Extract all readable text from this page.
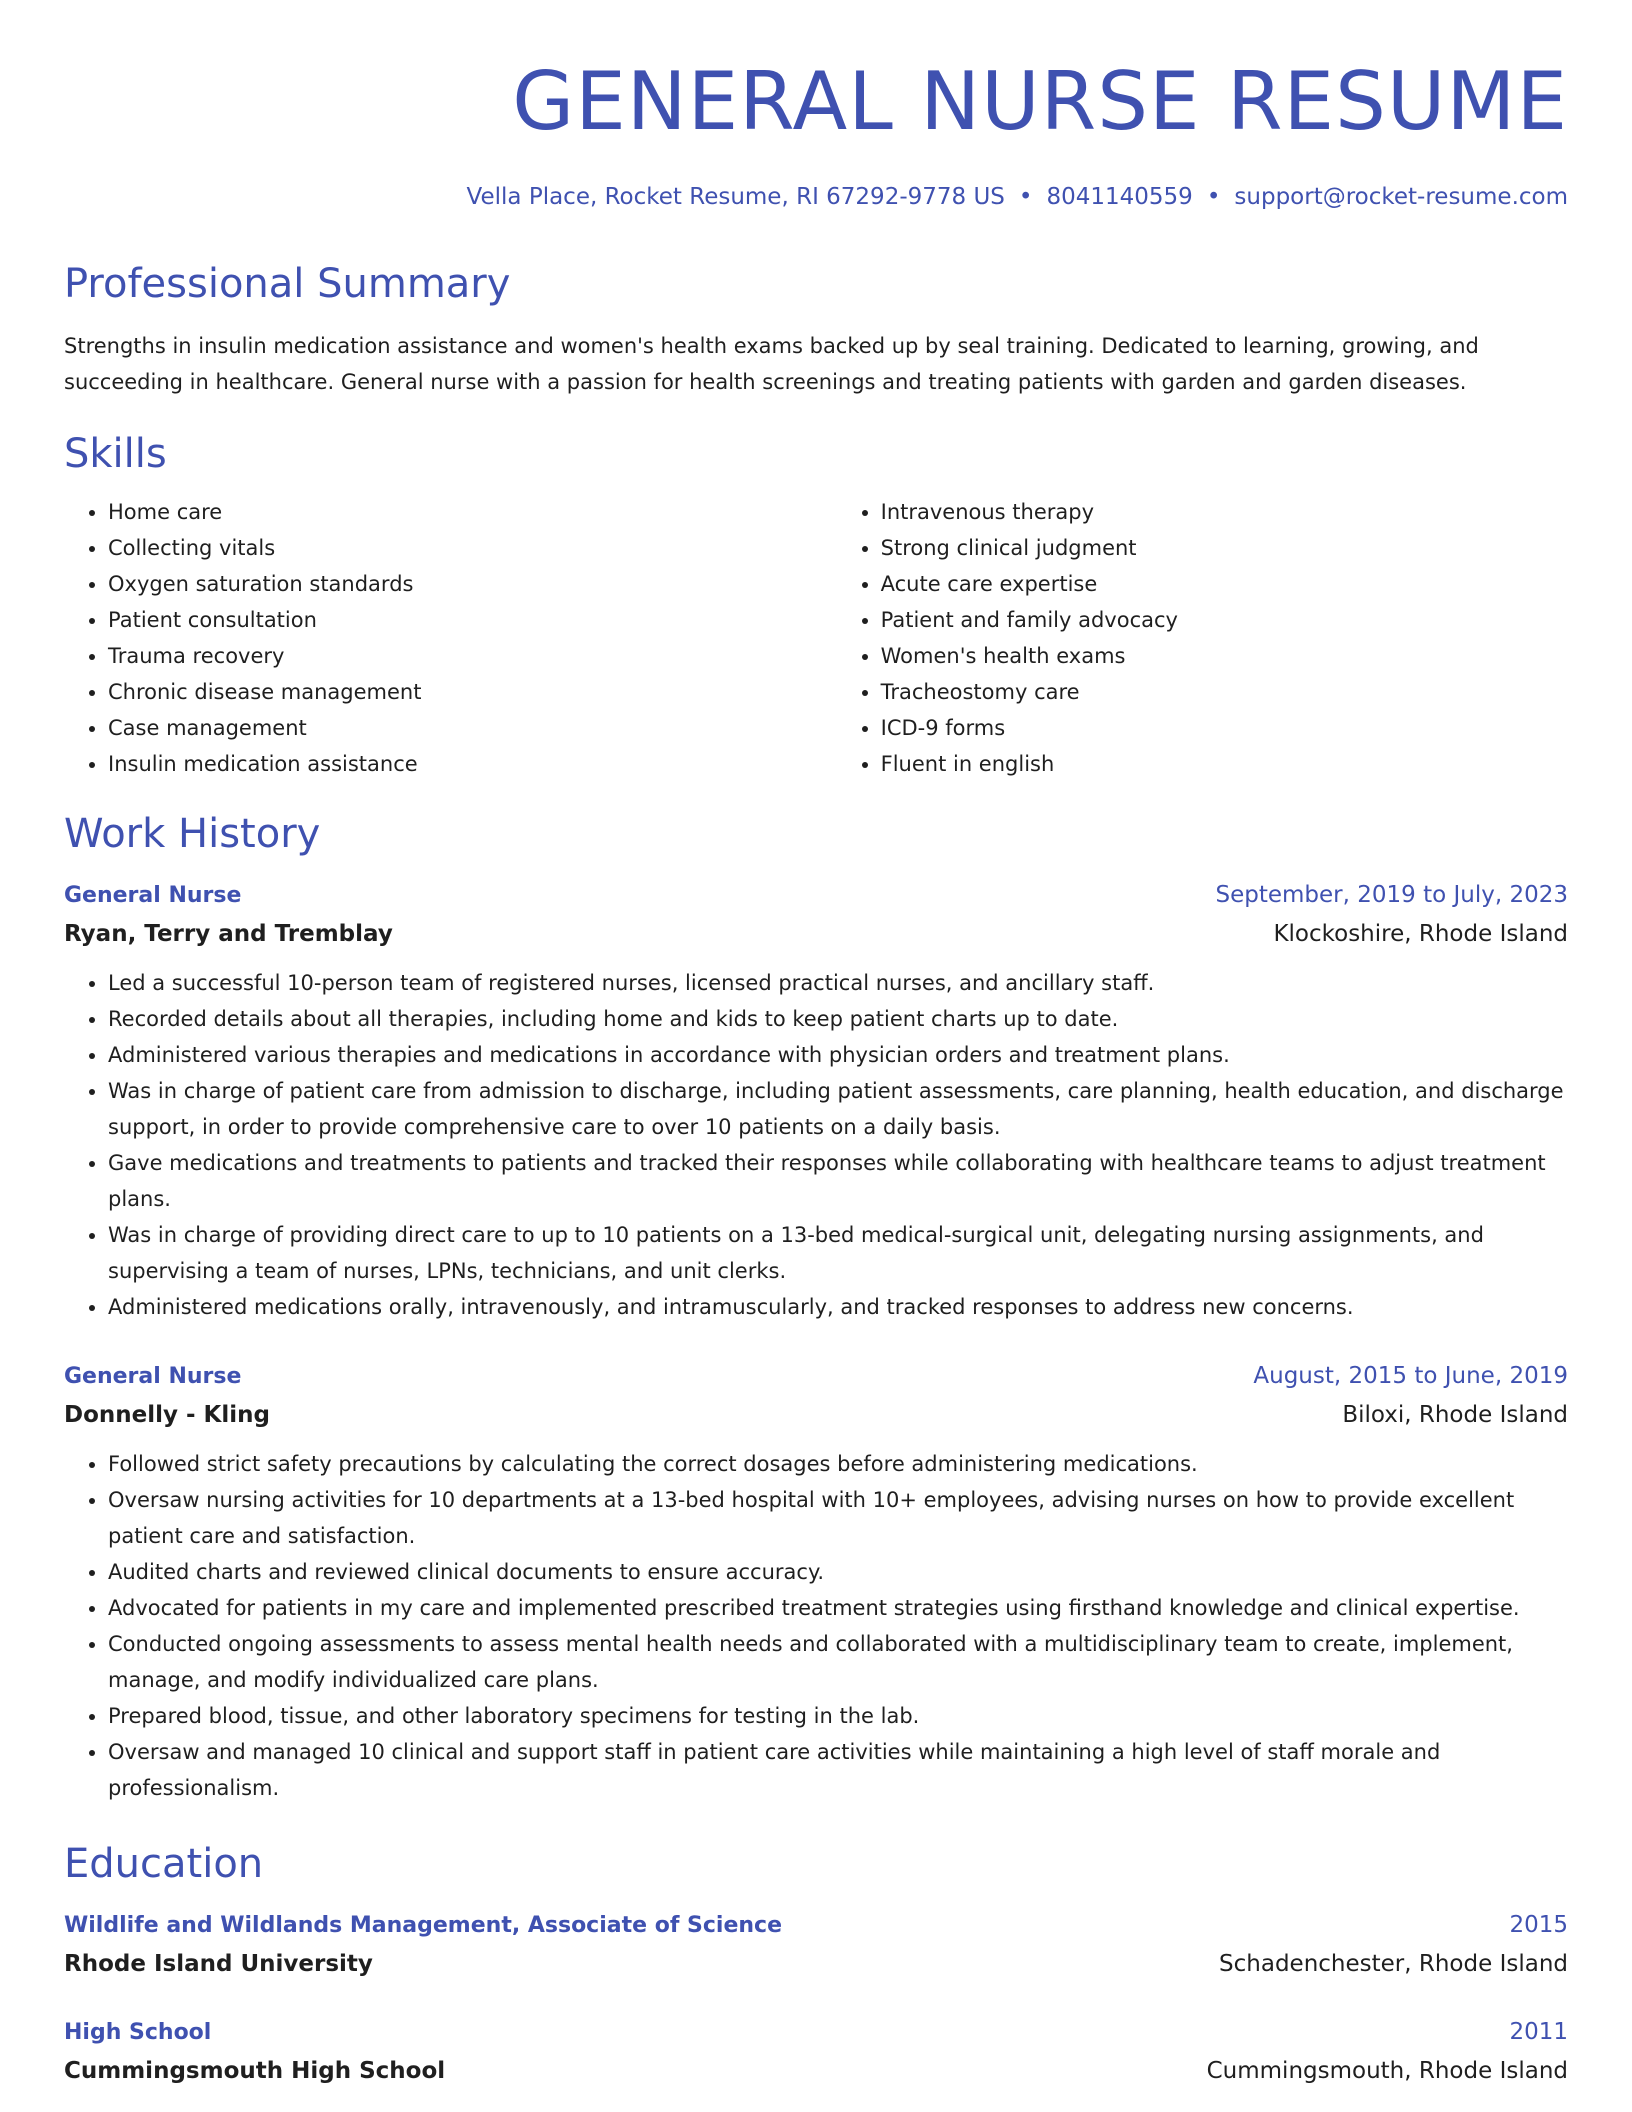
GENERAL NURSE RESUME
Vella Place, Rocket Resume, RI 67292-9778 US • 8041140559 • support@rocket-resume.com
Professional Summary
Strengths in insulin medication assistance and women's health exams backed up by seal training. Dedicated to learning, growing, and succeeding in healthcare. General nurse with a passion for health screenings and treating patients with garden and garden diseases.
Skills
• Home care
• Collecting vitals
• Oxygen saturation standards
• Patient consultation
• Trauma recovery
• Chronic disease management
• Case management
• Insulin medication assistance
• Intravenous therapy
• Strong clinical judgment
• Acute care expertise
• Patient and family advocacy
• Women's health exams
• Tracheostomy care
• ICD-9 forms
• Fluent in english
Work History
General Nurse	September, 2019 to July, 2023
Ryan, Terry and Tremblay	Klockoshire, Rhode Island
• Led a successful 10-person team of registered nurses, licensed practical nurses, and ancillary staff.
• Recorded details about all therapies, including home and kids to keep patient charts up to date.
• Administered various therapies and medications in accordance with physician orders and treatment plans.
• Was in charge of patient care from admission to discharge, including patient assessments, care planning, health education, and discharge support, in order to provide comprehensive care to over 10 patients on a daily basis.
• Gave medications and treatments to patients and tracked their responses while collaborating with healthcare teams to adjust treatment plans.
• Was in charge of providing direct care to up to 10 patients on a 13-bed medical-surgical unit, delegating nursing assignments, and supervising a team of nurses, LPNs, technicians, and unit clerks.
• Administered medications orally, intravenously, and intramuscularly, and tracked responses to address new concerns.
General Nurse	August, 2015 to June, 2019
Donnelly - Kling	Biloxi, Rhode Island
• Followed strict safety precautions by calculating the correct dosages before administering medications.
• Oversaw nursing activities for 10 departments at a 13-bed hospital with 10+ employees, advising nurses on how to provide excellent patient care and satisfaction.
• Audited charts and reviewed clinical documents to ensure accuracy.
• Advocated for patients in my care and implemented prescribed treatment strategies using firsthand knowledge and clinical expertise.
• Conducted ongoing assessments to assess mental health needs and collaborated with a multidisciplinary team to create, implement, manage, and modify individualized care plans.
• Prepared blood, tissue, and other laboratory specimens for testing in the lab.
• Oversaw and managed 10 clinical and support staff in patient care activities while maintaining a high level of staff morale and professionalism.
Education
Wildlife and Wildlands Management, Associate of Science	2015
Rhode Island University	Schadenchester, Rhode Island
High School	2011
Cummingsmouth High School	Cummingsmouth, Rhode Island
